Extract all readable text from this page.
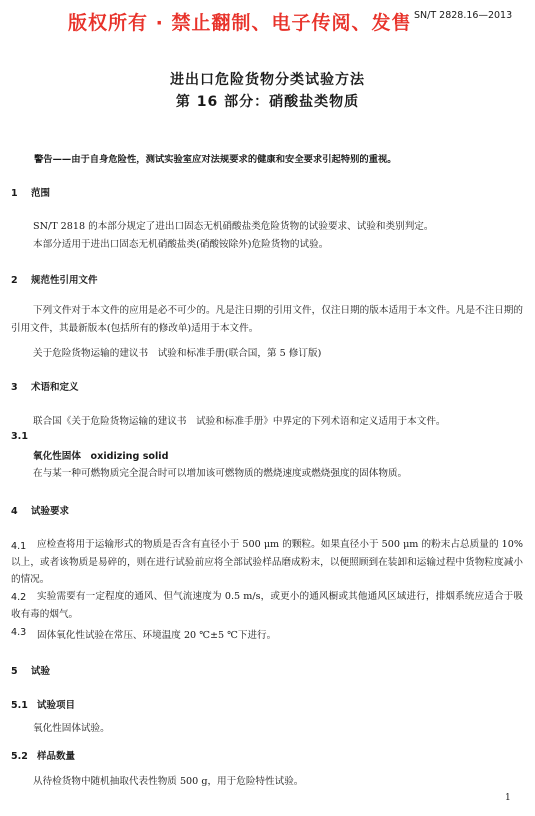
版权所有 · 禁止翻制、电子传阅、发售 SN/T 2828.16—2013
进出口危险货物分类试验方法
第 16 部分：硝酸盐类物质
警告——由于自身危险性，测试实验室应对法规要求的健康和安全要求引起特别的重视。
1 范围
SN/T 2818 的本部分规定了进出口固态无机硝酸盐类危险货物的试验要求、试验和类别判定。
本部分适用于进出口固态无机硝酸盐类(硝酸铵除外)危险货物的试验。
2 规范性引用文件
下列文件对于本文件的应用是必不可少的。凡是注日期的引用文件，仅注日期的版本适用于本文件。凡是不注日期的引用文件，其最新版本(包括所有的修改单)适用于本文件。
关于危险货物运输的建议书　试验和标准手册(联合国，第 5 修订版)
3 术语和定义
联合国《关于危险货物运输的建议书　试验和标准手册》中界定的下列术语和定义适用于本文件。
3.1
氧化性固体　oxidizing solid
在与某一种可燃物质完全混合时可以增加该可燃物质的燃烧速度或燃烧强度的固体物质。
4 试验要求
4.1	应检查将用于运输形式的物质是否含有直径小于 500 μm 的颗粒。如果直径小于 500 μm 的粉末占总质量的 10%以上，或者该物质是易碎的，则在进行试验前应将全部试验样品磨成粉末，以便照顾到在装卸和运输过程中货物粒度减小的情况。
4.2	实验需要有一定程度的通风、但气流速度为 0.5 m/s，或更小的通风橱或其他通风区域进行，排烟系统应适合于吸收有毒的烟气。
4.3 固体氧化性试验在常压、环境温度 20 ℃±5 ℃下进行。
5 试验
5.1 试验项目
氧化性固体试验。
5.2 样品数量
从待检货物中随机抽取代表性物质 500 g，用于危险特性试验。
1
